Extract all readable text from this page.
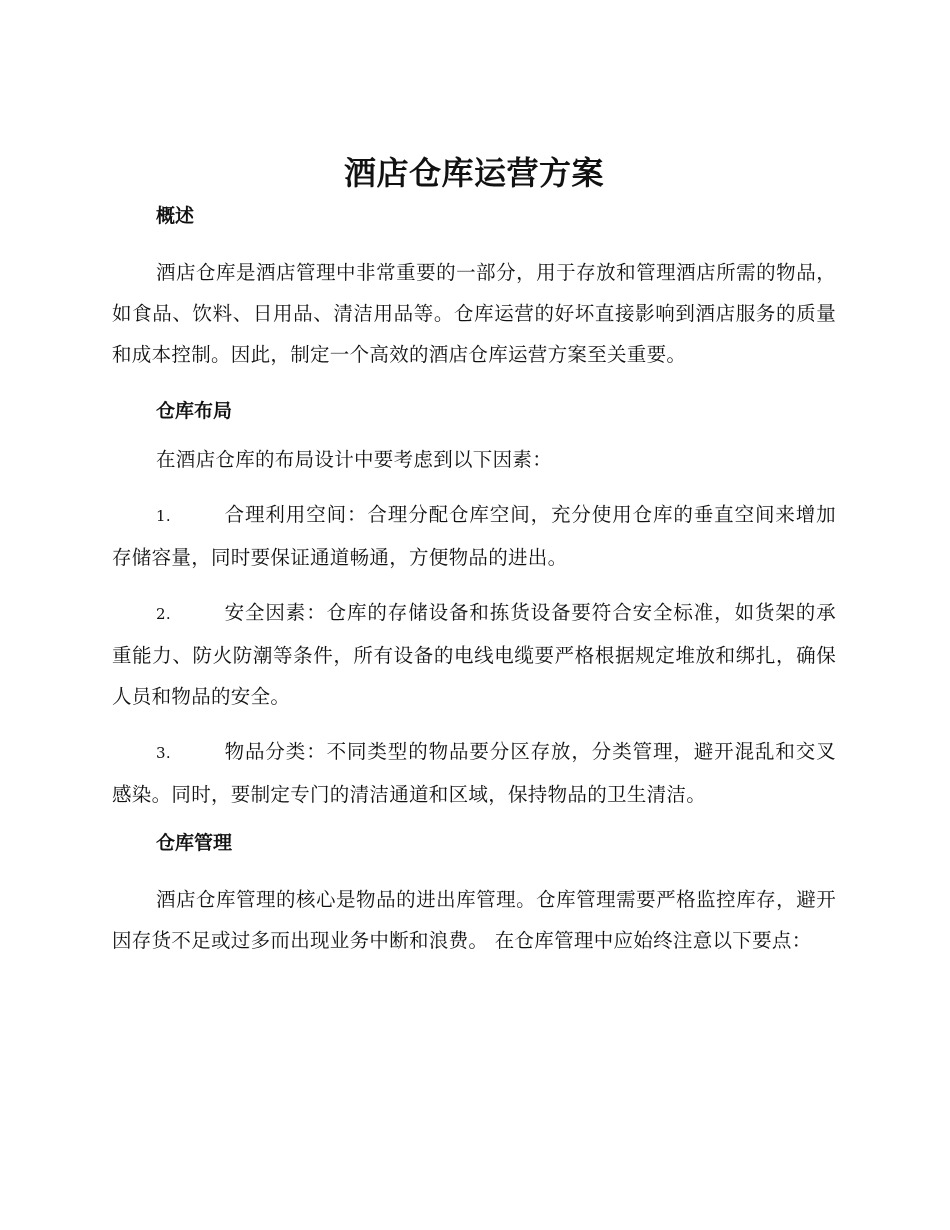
酒店仓库运营方案
概述

酒店仓库是酒店管理中非常重要的一部分，用于存放和管理酒店所需的物品，如食品、饮料、日用品、清洁用品等。仓库运营的好坏直接影响到酒店服务的质量和成本控制。因此，制定一个高效的酒店仓库运营方案至关重要。

仓库布局

在酒店仓库的布局设计中要考虑到以下因素：

1.	合理利用空间：合理分配仓库空间，充分使用仓库的垂直空间来增加存储容量，同时要保证通道畅通，方便物品的进出。

2.	安全因素：仓库的存储设备和拣货设备要符合安全标准，如货架的承重能力、防火防潮等条件，所有设备的电线电缆要严格根据规定堆放和绑扎，确保人员和物品的安全。

3.	物品分类：不同类型的物品要分区存放，分类管理，避开混乱和交叉感染。同时，要制定专门的清洁通道和区域，保持物品的卫生清洁。

仓库管理

酒店仓库管理的核心是物品的进出库管理。仓库管理需要严格监控库存，避开因存货不足或过多而出现业务中断和浪费。 在仓库管理中应始终注意以下要点：
